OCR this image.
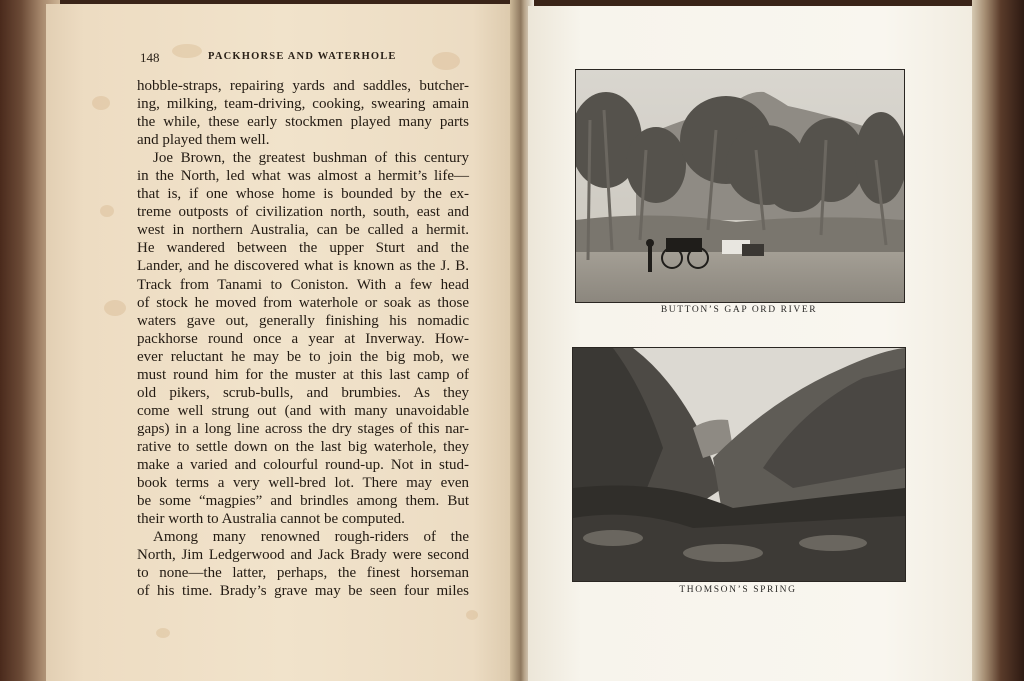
148	PACKHORSE AND WATERHOLE
hobble-straps, repairing yards and saddles, butcher-
ing, milking, team-driving, cooking, swearing amain
the while, these early stockmen played many parts
and played them well.
Joe Brown, the greatest bushman of this century
in the North, led what was almost a hermit’s life—
that is, if one whose home is bounded by the ex-
treme outposts of civilization north, south, east and
west in northern Australia, can be called a hermit.
He wandered between the upper Sturt and the
Lander, and he discovered what is known as the J. B.
Track from Tanami to Coniston. With a few head
of stock he moved from waterhole or soak as those
waters gave out, generally finishing his nomadic
packhorse round once a year at Inverway. How-
ever reluctant he may be to join the big mob, we
must round him for the muster at this last camp of
old pikers, scrub-bulls, and brumbies. As they
come well strung out (and with many unavoidable
gaps) in a long line across the dry stages of this nar-
rative to settle down on the last big waterhole, they
make a varied and colourful round-up. Not in stud-
book terms a very well-bred lot. There may even
be some “magpies” and brindles among them. But
their worth to Australia cannot be computed.
Among many renowned rough-riders of the
North, Jim Ledgerwood and Jack Brady were second
to none—the latter, perhaps, the finest horseman
of his time. Brady’s grave may be seen four miles
BUTTON’S GAP ORD RIVER
THOMSON’S SPRING
